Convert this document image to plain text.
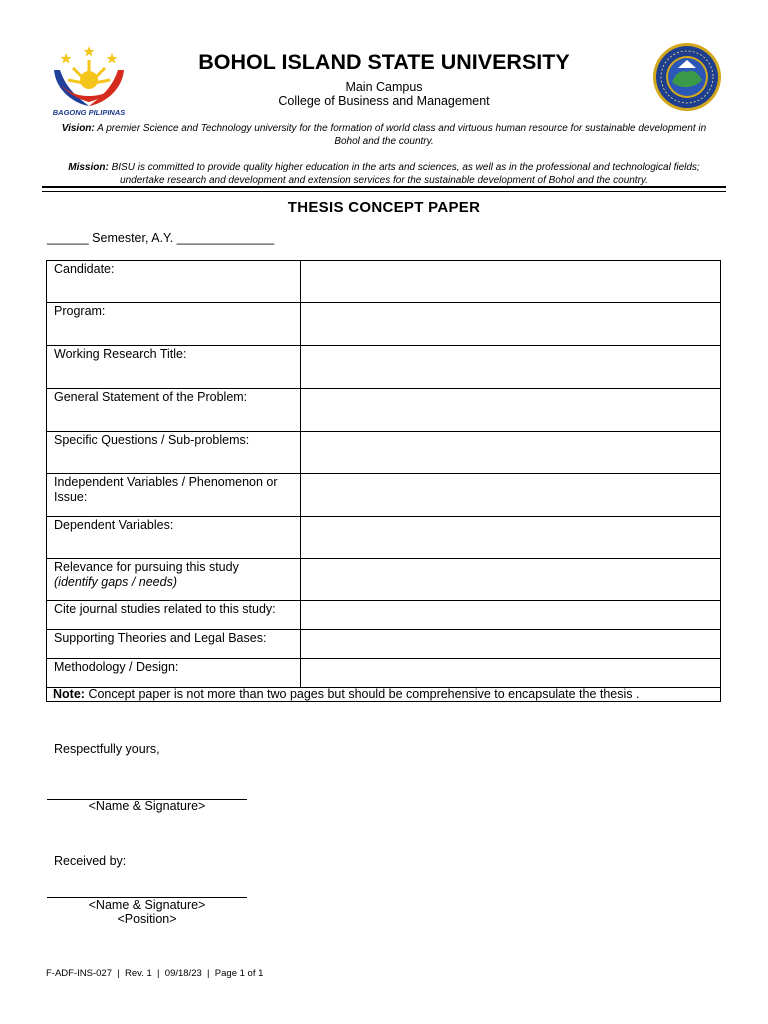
BAGONG PILIPINAS
BOHOL ISLAND STATE UNIVERSITY
Main Campus
College of Business and Management
Vision: A premier Science and Technology university for the formation of world class and virtuous human resource for sustainable development in Bohol and the country.
Mission: BISU is committed to provide quality higher education in the arts and sciences, as well as in the professional and technological fields; undertake research and development and extension services for the sustainable development of Bohol and the country.
THESIS CONCEPT PAPER
______ Semester, A.Y. ______________
Candidate:	
Program:	
Working Research Title:	
General Statement of the Problem:	
Specific Questions / Sub-problems:	
Independent Variables / Phenomenon or Issue:	
Dependent Variables:	
Relevance for pursuing this study
(identify gaps / needs)	

Cite journal studies related to this study:	
Supporting Theories and Legal Bases:	
Methodology / Design:	
Note: Concept paper is not more than two pages but should be comprehensive to encapsulate the thesis .	
Respectfully yours,
<Name & Signature>
Received by:
<Name & Signature>
<Position>
F-ADF-INS-027  |  Rev. 1  |  09/18/23  |  Page 1 of 1
